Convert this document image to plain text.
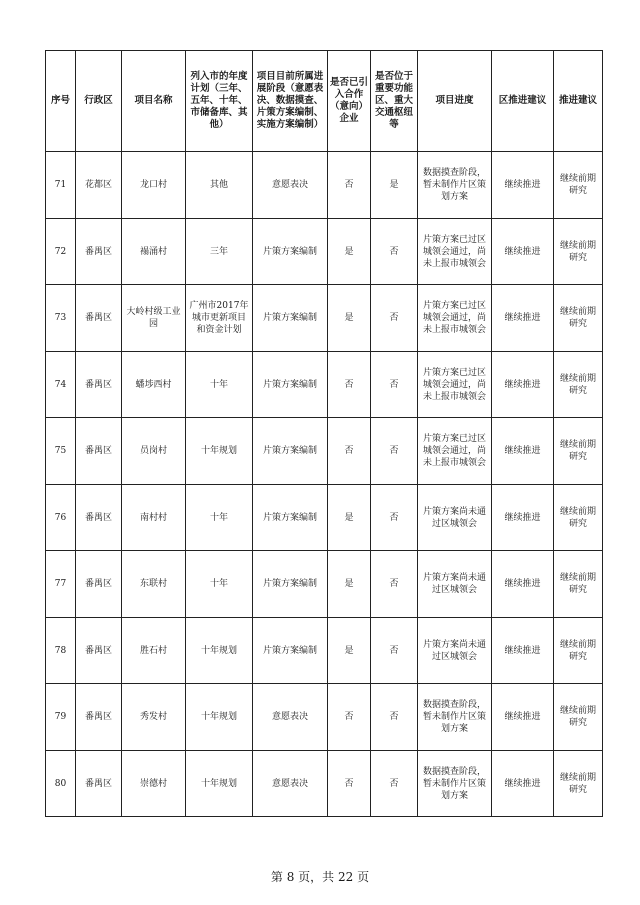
序号	行政区	项目名称	列入市的年度计划（三年、五年、十年、市储备库、其他）	项目目前所属进展阶段（意愿表决、数据摸查、片策方案编制、实施方案编制）	是否已引入合作（意向）企业	是否位于重要功能区、重大交通枢纽等	项目进度	区推进建议	推进建议
71	花都区	龙口村	其他	意愿表决	否	是	数据摸查阶段，暂未制作片区策划方案	继续推进	继续前期研究
72	番禺区	褟涌村	三年	片策方案编制	是	否	片策方案已过区城领会通过，尚未上报市城领会	继续推进	继续前期研究
73	番禺区	大岭村级工业园	广州市2017年城市更新项目和资金计划	片策方案编制	是	否	片策方案已过区城领会通过，尚未上报市城领会	继续推进	继续前期研究
74	番禺区	蟠埗西村	十年	片策方案编制	否	否	片策方案已过区城领会通过，尚未上报市城领会	继续推进	继续前期研究
75	番禺区	员岗村	十年规划	片策方案编制	否	否	片策方案已过区城领会通过，尚未上报市城领会	继续推进	继续前期研究
76	番禺区	南村村	十年	片策方案编制	是	否	片策方案尚未通过区城领会	继续推进	继续前期研究
77	番禺区	东联村	十年	片策方案编制	是	否	片策方案尚未通过区城领会	继续推进	继续前期研究
78	番禺区	胜石村	十年规划	片策方案编制	是	否	片策方案尚未通过区城领会	继续推进	继续前期研究
79	番禺区	秀发村	十年规划	意愿表决	否	否	数据摸查阶段，暂未制作片区策划方案	继续推进	继续前期研究
80	番禺区	崇德村	十年规划	意愿表决	否	否	数据摸查阶段，暂未制作片区策划方案	继续推进	继续前期研究
第 8 页，共 22 页
